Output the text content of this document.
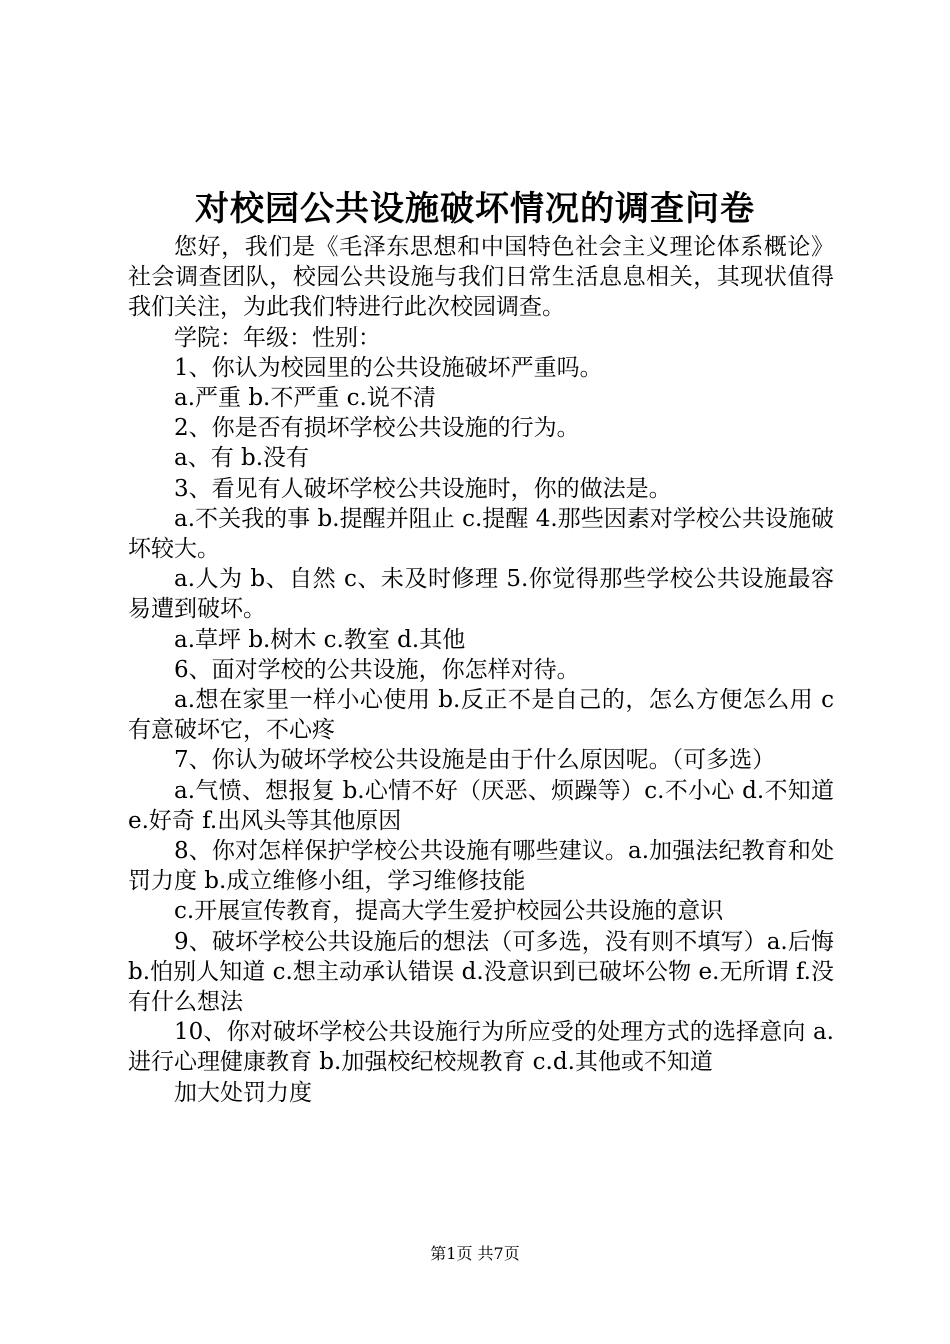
对校园公共设施破坏情况的调查问卷

您好，我们是《毛泽东思想和中国特色社会主义理论体系概论》社会调查团队，校园公共设施与我们日常生活息息相关，其现状值得我们关注，为此我们特进行此次校园调查。

学院：年级：性别：

1、你认为校园里的公共设施破坏严重吗。

a.严重 b.不严重 c.说不清

2、你是否有损坏学校公共设施的行为。

a、有 b.没有

3、看见有人破坏学校公共设施时，你的做法是。

a.不关我的事 b.提醒并阻止 c.提醒 4.那些因素对学校公共设施破坏较大。

a.人为 b、自然 c、未及时修理 5.你觉得那些学校公共设施最容易遭到破坏。

a.草坪 b.树木 c.教室 d.其他

6、面对学校的公共设施，你怎样对待。

a.想在家里一样小心使用 b.反正不是自己的，怎么方便怎么用 c 有意破坏它，不心疼

7、你认为破坏学校公共设施是由于什么原因呢。（可多选）

a.气愤、想报复 b.心情不好（厌恶、烦躁等）c.不小心 d.不知道 e.好奇 f.出风头等其他原因

8、你对怎样保护学校公共设施有哪些建议。a.加强法纪教育和处罚力度 b.成立维修小组，学习维修技能

c.开展宣传教育，提高大学生爱护校园公共设施的意识

9、破坏学校公共设施后的想法（可多选，没有则不填写）a.后悔 b.怕别人知道 c.想主动承认错误 d.没意识到已破坏公物 e.无所谓 f.没有什么想法

10、你对破坏学校公共设施行为所应受的处理方式的选择意向 a.进行心理健康教育 b.加强校纪校规教育 c.d.其他或不知道

加大处罚力度

第1页 共7页
